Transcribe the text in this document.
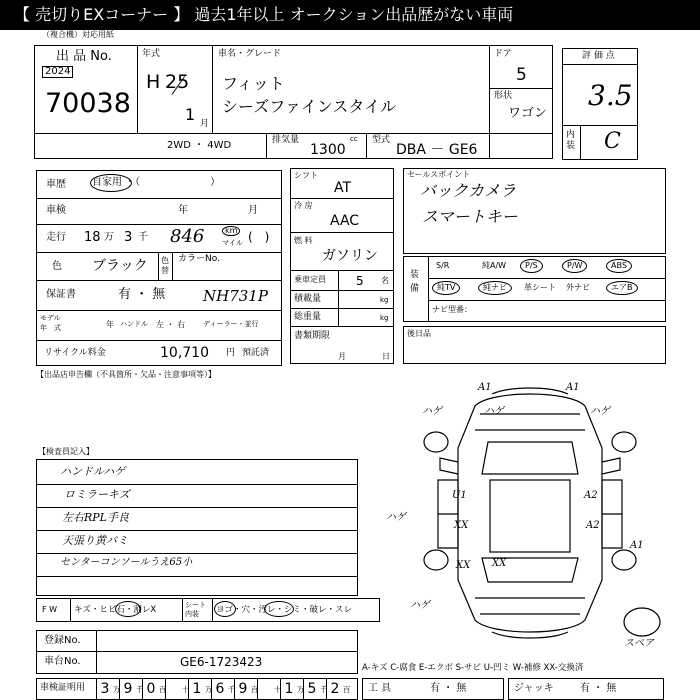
【 売切りEXコーナー 】 過去1年以上 オークション出品歴がない車両
（複合機）対応用紙
出 品 No.
2024
70038
年式
H 25
1 月
車名・グレード
フィット
シーズファインスタイル
ドア
5
形状
ワゴン
2WD ・ 4WD	排気量	cc
1300
型式
DBA － GE6
評 価 点
3.5
内装 C
車歴	自家用 ・（　　　　　　　）
車検	年	月
走行 18 万 3 千 846	km
マイル (　)
色 ブラック 色替
カラーNo.
保証書	有 ・ 無	NH731P
モデル
年　式	年 ハンドル 左 ・ 右	ディーラー・並行
リサイクル料金	10,710 円 預託済
シフト
AT
冷 房
AAC
燃 料
ガソリン
乗車定員	5 名
積載量	kg
総重量	kg
書類期限
月	日
セールスポイント
バックカメラ
スマートキー
装備
S/R	純A/W	P/S	P/W	ABS
純TV	純ナビ	革シート 外ナビ	エアB
ナビ型番：
後日品
【出品店申告欄（不具箇所・欠品・注意事項等）】
【検査員記入】
ハンドルハゲ
ロミラーキズ
左右RPL手良
天張り黄バミ
センターコンソールうえ65小
F W キズ・ヒビ石・割レX	シート内装	ヨゴ・穴・汚レ・シミ・破レ・スレ
登録No.
車台No.	GE6-1723423	A-キズ C-腐食 E-エクボ S-サビ U-凹ミ W-補修 XX-交換済
車検証明用 3 万 9 千 0 百 十 1 万 6 千 9 百 十 1 万 5 千 2 百 工 具	有 ・ 無	ジャッキ	有 ・ 無
A1	A1
ハゲ	ハゲ	ハゲ
U1
XX
XX
A2
A2
XX
ハゲ
A1
ハゲ
スペア
